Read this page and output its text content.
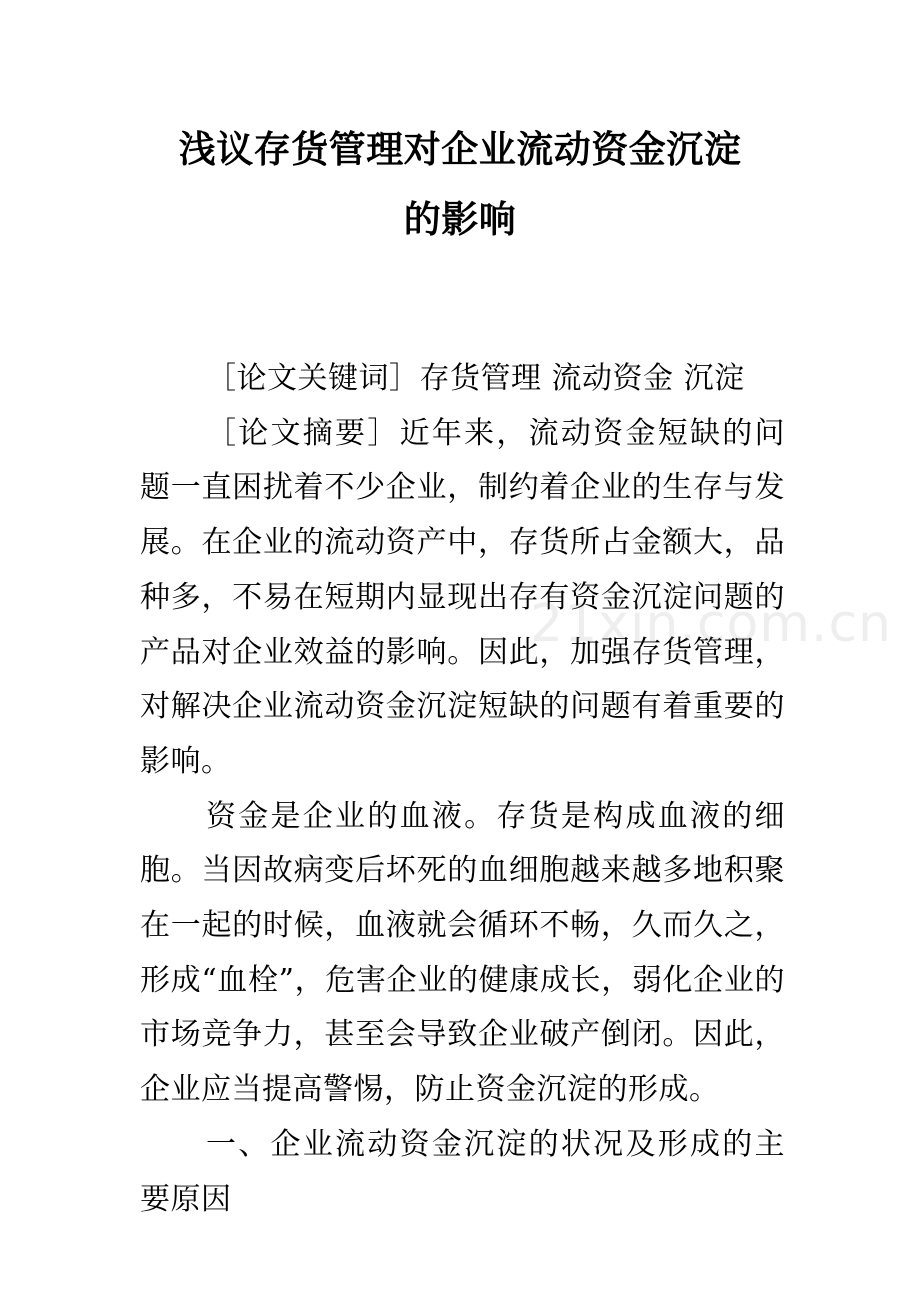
浅议存货管理对企业流动资金沉淀
的影响

［论文关键词］存货管理 流动资金 沉淀

［论文摘要］近年来，流动资金短缺的问题一直困扰着不少企业，制约着企业的生存与发展。在企业的流动资产中，存货所占金额大，品种多，不易在短期内显现出存有资金沉淀问题的产品对企业效益的影响。因此，加强存货管理，对解决企业流动资金沉淀短缺的问题有着重要的影响。

资金是企业的血液。存货是构成血液的细胞。当因故病变后坏死的血细胞越来越多地积聚在一起的时候，血液就会循环不畅，久而久之，形成“血栓”，危害企业的健康成长，弱化企业的市场竞争力，甚至会导致企业破产倒闭。因此，企业应当提高警惕，防止资金沉淀的形成。

一、企业流动资金沉淀的状况及形成的主要原因

21xin.com.cn
